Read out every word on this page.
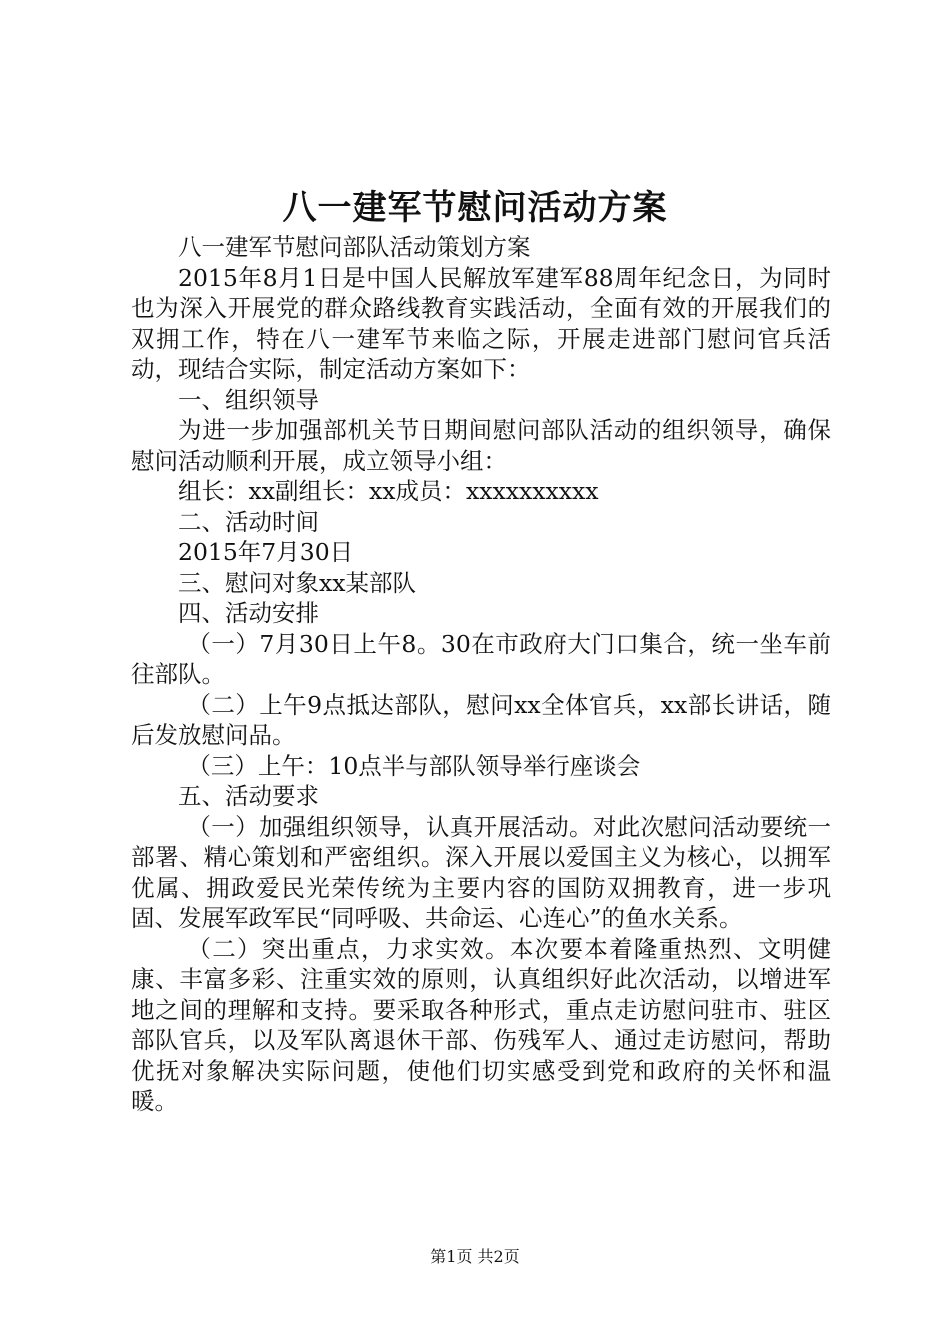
八一建军节慰问活动方案

八一建军节慰问部队活动策划方案

2015年8月1日是中国人民解放军建军88周年纪念日，为同时也为深入开展党的群众路线教育实践活动，全面有效的开展我们的双拥工作，特在八一建军节来临之际，开展走进部门慰问官兵活动，现结合实际，制定活动方案如下：

一、组织领导

为进一步加强部机关节日期间慰问部队活动的组织领导，确保慰问活动顺利开展，成立领导小组：

组长：xx副组长：xx成员：xxxxxxxxxx

二、活动时间

2015年7月30日

三、慰问对象xx某部队

四、活动安排

（一）7月30日上午8。30在市政府大门口集合，统一坐车前往部队。

（二）上午9点抵达部队，慰问xx全体官兵，xx部长讲话，随后发放慰问品。

（三）上午：10点半与部队领导举行座谈会

五、活动要求

（一）加强组织领导，认真开展活动。对此次慰问活动要统一部署、精心策划和严密组织。深入开展以爱国主义为核心，以拥军优属、拥政爱民光荣传统为主要内容的国防双拥教育，进一步巩固、发展军政军民“同呼吸、共命运、心连心”的鱼水关系。

（二）突出重点，力求实效。本次要本着隆重热烈、文明健康、丰富多彩、注重实效的原则，认真组织好此次活动，以增进军地之间的理解和支持。要采取各种形式，重点走访慰问驻市、驻区部队官兵，以及军队离退休干部、伤残军人、通过走访慰问，帮助优抚对象解决实际问题，使他们切实感受到党和政府的关怀和温暖。

第1页 共2页
